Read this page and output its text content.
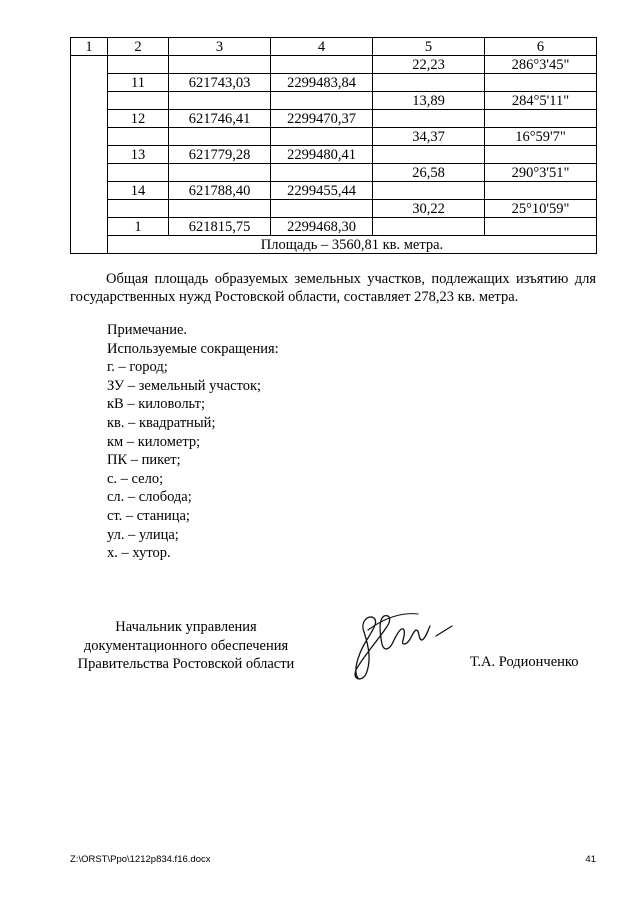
1	2	3	4	5	6
				22,23	286°3'45"
	11	621743,03	2299483,84		
				13,89	284°5'11"
	12	621746,41	2299470,37		
				34,37	16°59'7"
	13	621779,28	2299480,41		
				26,58	290°3'51"
	14	621788,40	2299455,44		
				30,22	25°10'59"
	1	621815,75	2299468,30		
	Площадь – 3560,81 кв. метра.				
Общая площадь образуемых земельных участков, подлежащих изъятию для государственных нужд Ростовской области, составляет 278,23 кв. метра.
Примечание.
Используемые сокращения:
г. – город;
ЗУ – земельный участок;
кВ – киловольт;
кв. – квадратный;
км – километр;
ПК – пикет;
с. – село;
сл. – слобода;
ст. – станица;
ул. – улица;
х. – хутор.
Начальник управления
документационного обеспечения
Правительства Ростовской области	Т.А. Родионченко
Z:\ORST\Ppo\1212p834.f16.docx	41
